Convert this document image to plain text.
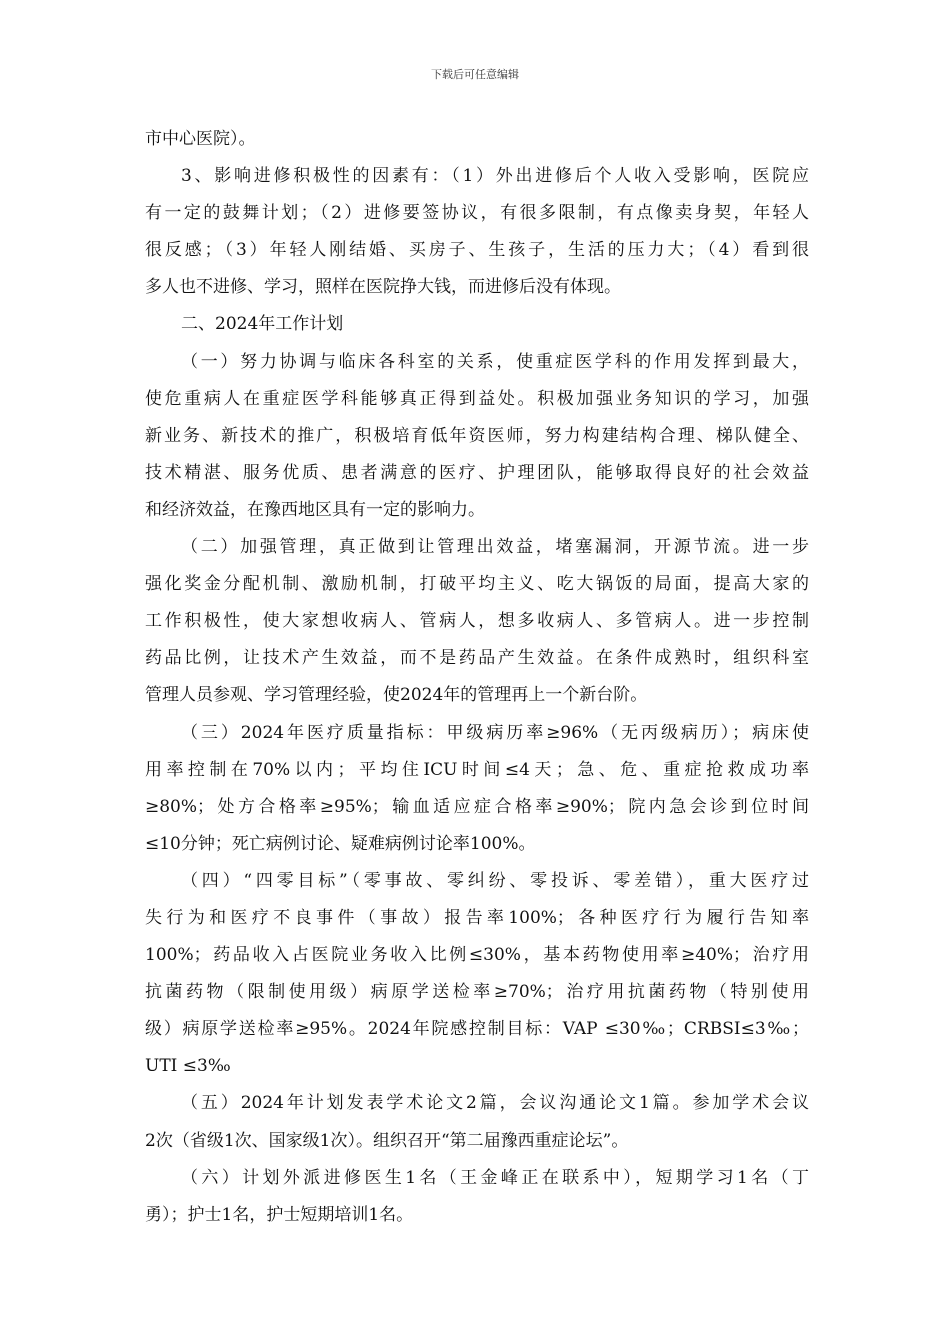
下载后可任意编辑
市中心医院）。
3、影响进修积极性的因素有：（1）外出进修后个人收入受影响，医院应
有一定的鼓舞计划；（2）进修要签协议，有很多限制，有点像卖身契，年轻人
很反感；（3）年轻人刚结婚、买房子、生孩子，生活的压力大；（4）看到很
多人也不进修、学习，照样在医院挣大钱，而进修后没有体现。
二、2024年工作计划
（一）努力协调与临床各科室的关系，使重症医学科的作用发挥到最大，
使危重病人在重症医学科能够真正得到益处。积极加强业务知识的学习，加强
新业务、新技术的推广，积极培育低年资医师，努力构建结构合理、梯队健全、
技术精湛、服务优质、患者满意的医疗、护理团队，能够取得良好的社会效益
和经济效益，在豫西地区具有一定的影响力。
（二）加强管理，真正做到让管理出效益，堵塞漏洞，开源节流。进一步
强化奖金分配机制、激励机制，打破平均主义、吃大锅饭的局面，提高大家的
工作积极性，使大家想收病人、管病人，想多收病人、多管病人。进一步控制
药品比例，让技术产生效益，而不是药品产生效益。在条件成熟时，组织科室
管理人员参观、学习管理经验，使2024年的管理再上一个新台阶。
（三）2024年医疗质量指标：甲级病历率≥96%（无丙级病历）；病床使
用率控制在70%以内；平均住ICU时间≤4天；急、危、重症抢救成功率
≥80%；处方合格率≥95%；输血适应症合格率≥90%；院内急会诊到位时间
≤10分钟；死亡病例讨论、疑难病例讨论率100%。
（四）“四零目标”（零事故、零纠纷、零投诉、零差错），重大医疗过
失行为和医疗不良事件（事故）报告率100%；各种医疗行为履行告知率
100%；药品收入占医院业务收入比例≤30%，基本药物使用率≥40%；治疗用
抗菌药物（限制使用级）病原学送检率≥70%；治疗用抗菌药物（特别使用
级）病原学送检率≥95%。2024年院感控制目标：VAP ≤30‰；CRBSI≤3‰；
UTI ≤3‰
（五）2024年计划发表学术论文2篇，会议沟通论文1篇。参加学术会议
2次（省级1次、国家级1次）。组织召开“第二届豫西重症论坛”。
（六）计划外派进修医生1名（王金峰正在联系中），短期学习1名（丁
勇）；护士1名，护士短期培训1名。
